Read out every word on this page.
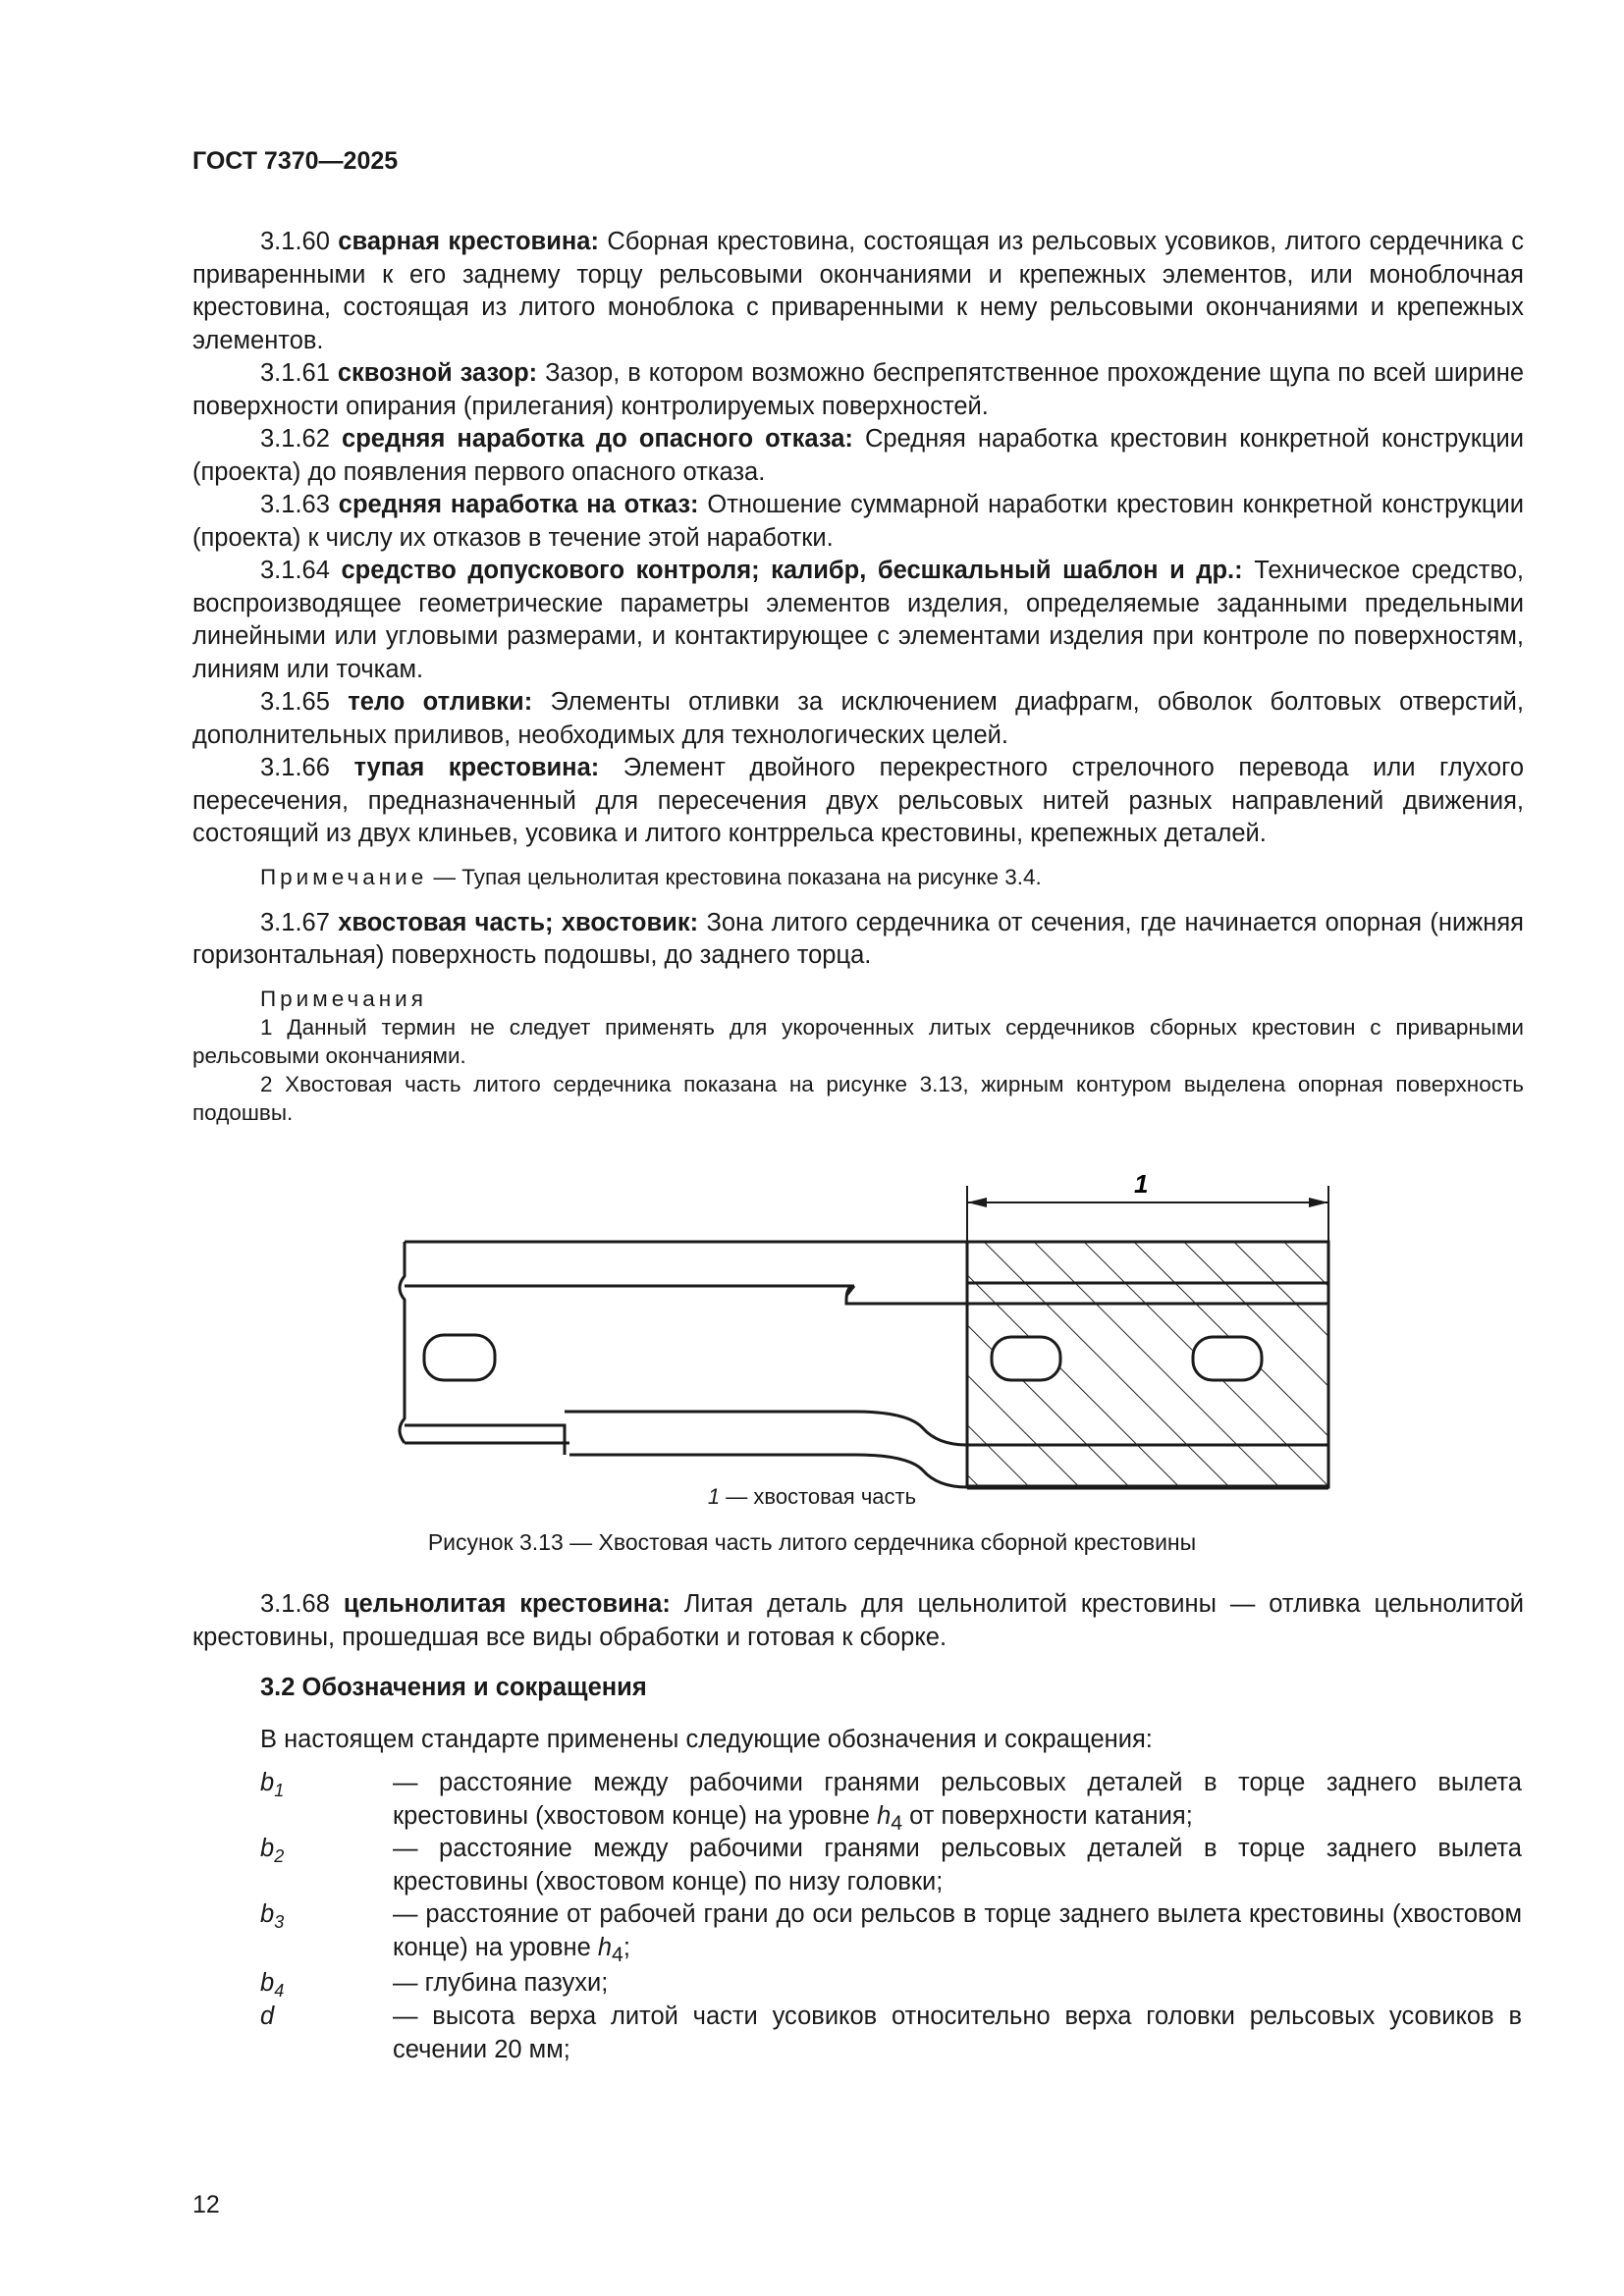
ГОСТ 7370—2025

3.1.60 сварная крестовина: Сборная крестовина, состоящая из рельсовых усовиков, литого сердечника с приваренными к его заднему торцу рельсовыми окончаниями и крепежных элементов, или моноблочная крестовина, состоящая из литого моноблока с приваренными к нему рельсовыми окончаниями и крепежных элементов.

3.1.61 сквозной зазор: Зазор, в котором возможно беспрепятственное прохождение щупа по всей ширине поверхности опирания (прилегания) контролируемых поверхностей.

3.1.62 средняя наработка до опасного отказа: Средняя наработка крестовин конкретной конструкции (проекта) до появления первого опасного отказа.

3.1.63 средняя наработка на отказ: Отношение суммарной наработки крестовин конкретной конструкции (проекта) к числу их отказов в течение этой наработки.

3.1.64 средство допускового контроля; калибр, бесшкальный шаблон и др.: Техническое средство, воспроизводящее геометрические параметры элементов изделия, определяемые заданными предельными линейными или угловыми размерами, и контактирующее с элементами изделия при контроле по поверхностям, линиям или точкам.

3.1.65 тело отливки: Элементы отливки за исключением диафрагм, обволок болтовых отверстий, дополнительных приливов, необходимых для технологических целей.

3.1.66 тупая крестовина: Элемент двойного перекрестного стрелочного перевода или глухого пересечения, предназначенный для пересечения двух рельсовых нитей разных направлений движения, состоящий из двух клиньев, усовика и литого контррельса крестовины, крепежных деталей.

Примечание — Тупая цельнолитая крестовина показана на рисунке 3.4.

3.1.67 хвостовая часть; хвостовик: Зона литого сердечника от сечения, где начинается опорная (нижняя горизонтальная) поверхность подошвы, до заднего торца.

Примечания

1 Данный термин не следует применять для укороченных литых сердечников сборных крестовин с приварными рельсовыми окончаниями.

2 Хвостовая часть литого сердечника показана на рисунке 3.13, жирным контуром выделена опорная поверхность подошвы.

1
1 — хвостовая часть
Рисунок 3.13 — Хвостовая часть литого сердечника сборной крестовины

3.1.68 цельнолитая крестовина: Литая деталь для цельнолитой крестовины — отливка цельнолитой крестовины, прошедшая все виды обработки и готовая к сборке.

3.2 Обозначения и сокращения
В настоящем стандарте применены следующие обозначения и сокращения:
$b_1$	— расстояние между рабочими гранями рельсовых деталей в торце заднего вылета крестовины (хвостовом конце) на уровне $h_4$ от поверхности катания;
$b_2$	— расстояние между рабочими гранями рельсовых деталей в торце заднего вылета крестовины (хвостовом конце) по низу головки;
$b_3$	— расстояние от рабочей грани до оси рельсов в торце заднего вылета крестовины (хвостовом конце) на уровне $h_4$;
$b_4$	— глубина пазухи;
d	— высота верха литой части усовиков относительно верха головки рельсовых усовиков в сечении 20 мм;
12
